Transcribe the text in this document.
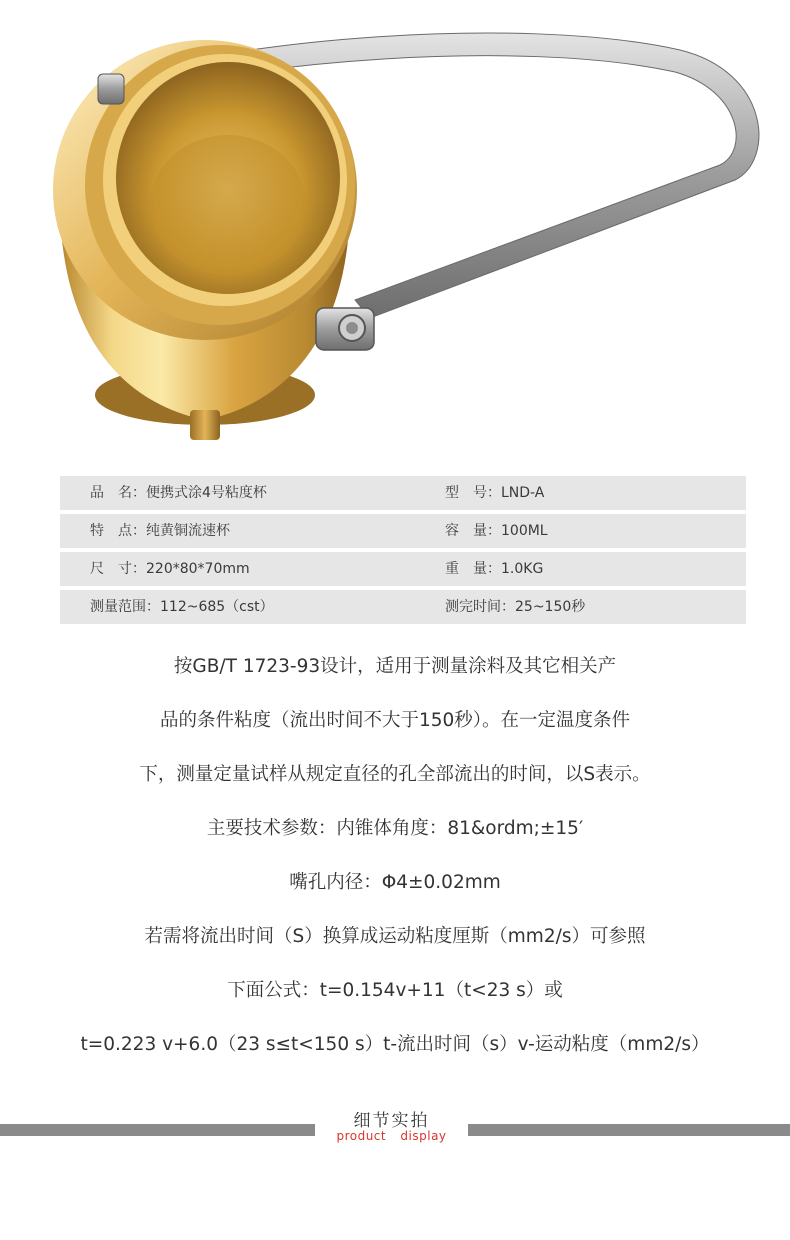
品　名：便携式涂4号粘度杯	型　号：LND-A
特　点：纯黄铜流速杯	容　量：100ML
尺　寸：220*80*70mm	重　量：1.0KG
测量范围：112~685（cst）	测完时间：25~150秒
按GB/T 1723-93设计，适用于测量涂料及其它相关产
品的条件粘度（流出时间不大于150秒）。在一定温度条件
下，测量定量试样从规定直径的孔全部流出的时间，以S表示。
主要技术参数：内锥体角度：81&ordm;±15′
嘴孔内径：Φ4±0.02mm
若需将流出时间（S）换算成运动粘度厘斯（mm2/s）可参照
下面公式：t=0.154v+11（t<23 s）或
t=0.223 v+6.0（23 s≤t<150 s）t-流出时间（s）v-运动粘度（mm2/s）
细节实拍
product display
